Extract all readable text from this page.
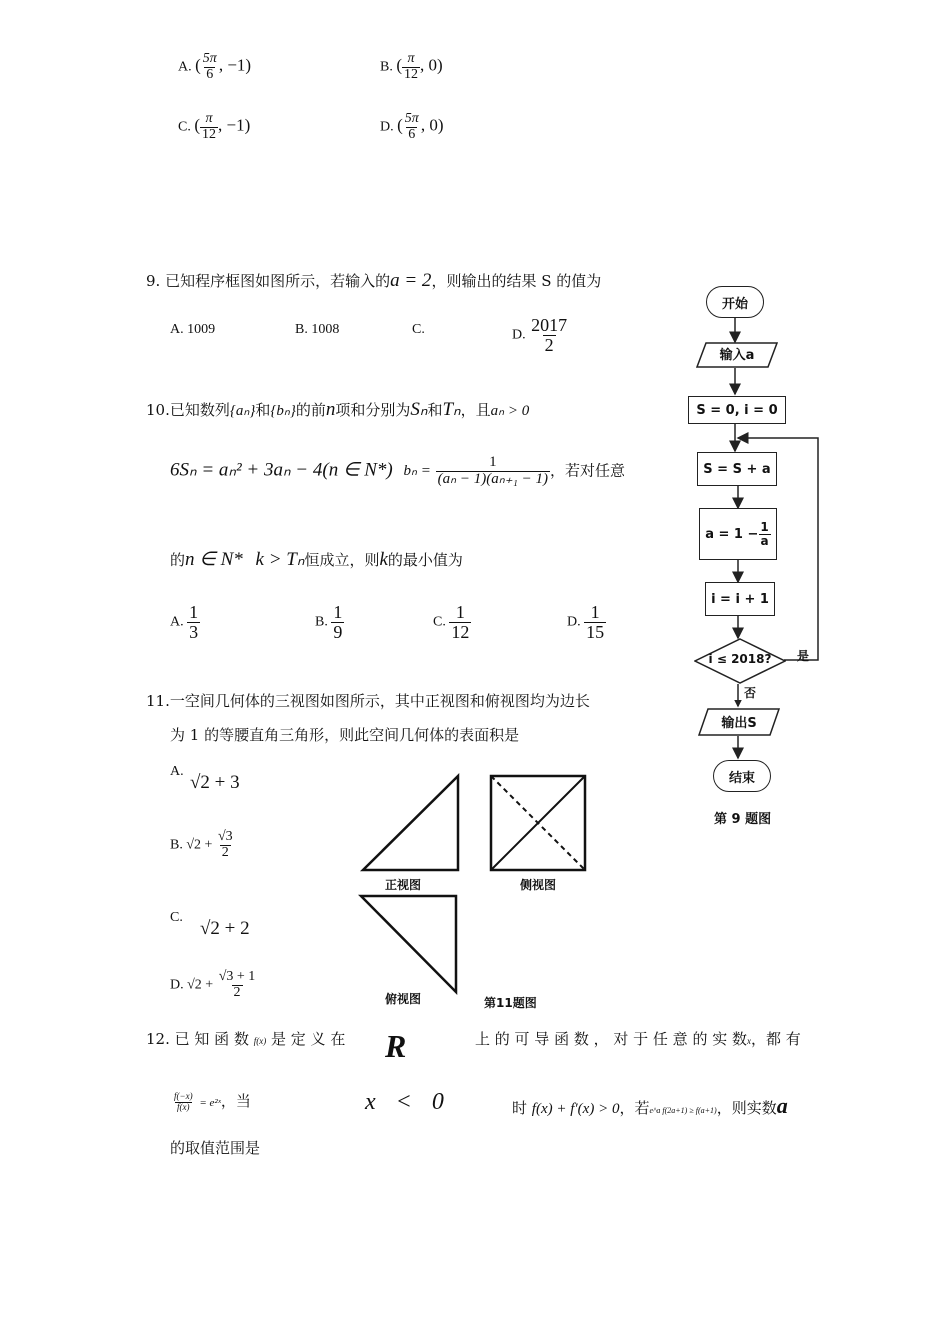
A. ( $\frac{5\pi}{6}$ , −1)	B. ( $\frac{\pi}{12}$ , 0)
C. ( $\frac{\pi}{12}$ , −1)	D. ( $\frac{5\pi}{6}$ , 0)
9. 已知程序框图如图所示，若输入的a = 2，则输出的结果 S 的值为
A. 1009	B. 1008	C.	D. $\frac{2017}{2}$
10.已知数列{aₙ}和{bₙ}的前n项和分别为Sₙ和Tₙ，且aₙ > 0
6Sₙ = aₙ² + 3aₙ − 4(n ∈ N*) $b_n = \frac{1}{\text{(aₙ − 1)(aₙ₊₁ − 1)}}$ ，若对任意
的n ∈ N* k > Tₙ恒成立，则k的最小值为
A. $\frac{1}{3}$	B. $\frac{1}{9}$	C. $\frac{1}{12}$	D. $\frac{1}{15}$
11.一空间几何体的三视图如图所示，其中正视图和俯视图均为边长
为 1 的等腰直角三角形，则此空间几何体的表面积是
A.
√2 + 3
B. $√2 + \frac{√3}{2}$
C.
√2 + 2
D. $√2 + \frac{√3 + 1}{2}$
正视图	侧视图
俯视图	第11题图
12. 已 知 函 数 f(x) 是 定 义 在	R	上 的 可 导 函 数 ， 对 于 任 意 的 实 数x，都 有
$\frac{f(-x)}{f(x)}$ = e²ˣ，当	x < 0	时 f(x) + f′(x) > 0，若e^a f(2a+1) ≥ f(a+1)，则实数a
的取值范围是
开始
输入a
S = 0, i = 0
S = S + a
$a = 1 - \frac{1}{a}$
i = i + 1
i ≤ 2018?	是
否
输出S
结束
第 9 题图
